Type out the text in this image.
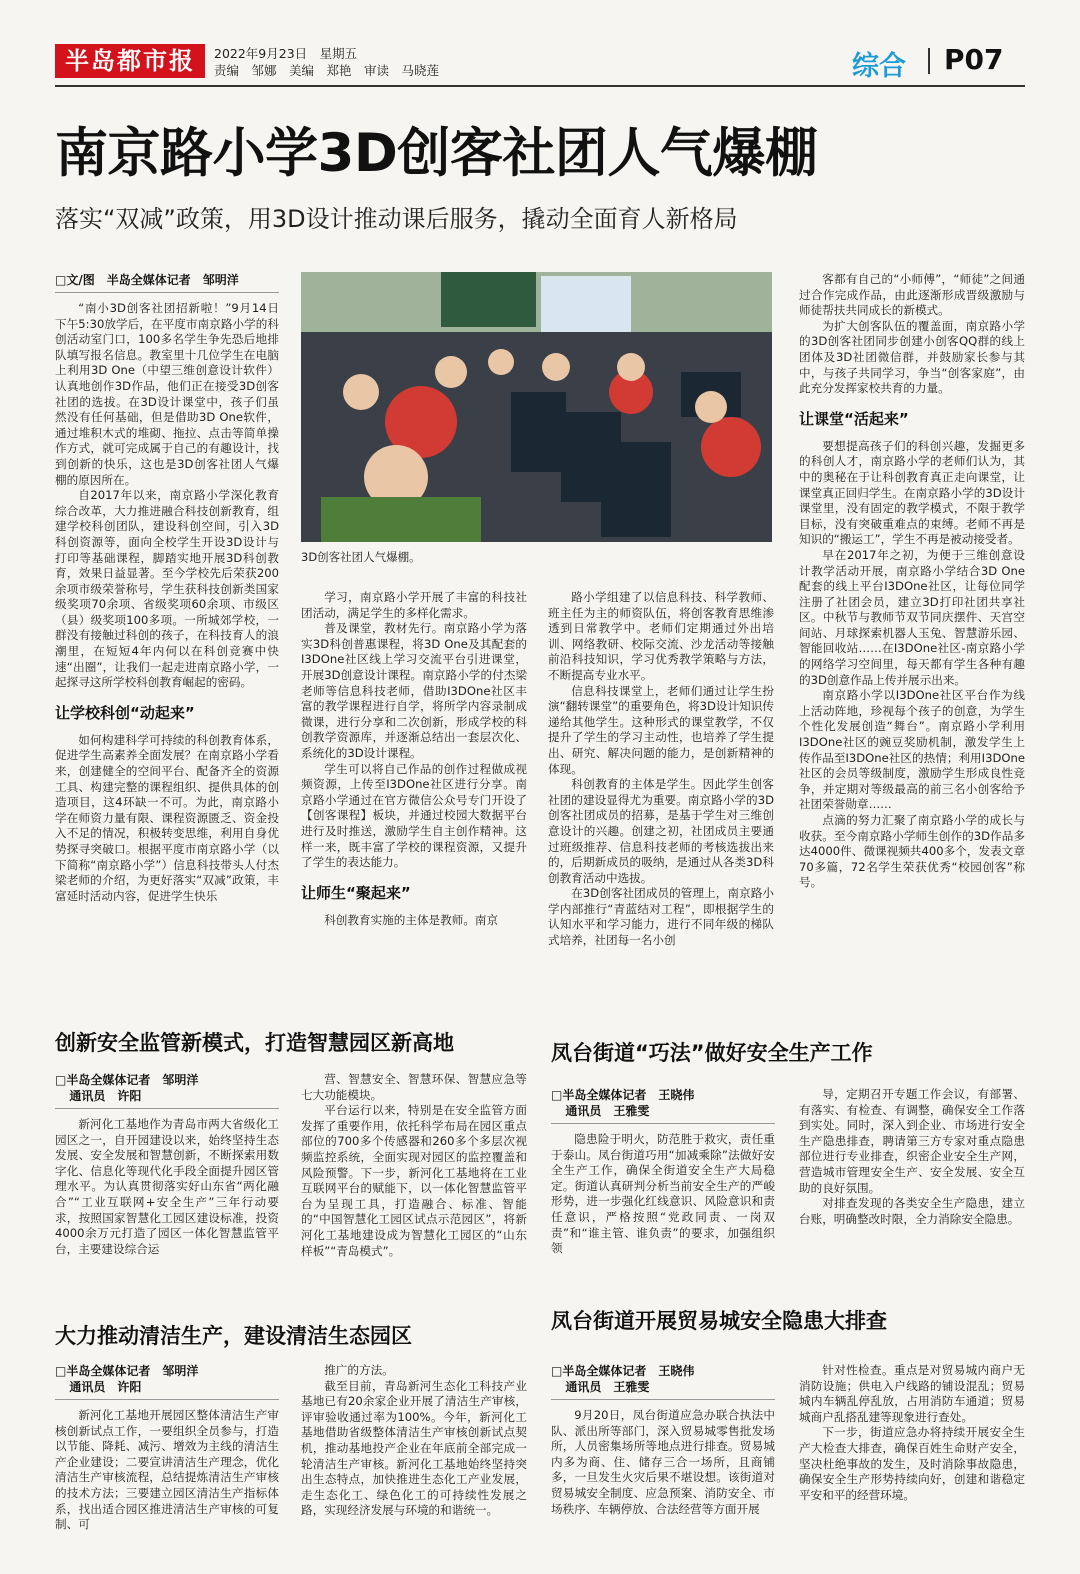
半岛都市报	2022年9月23日　星期五
责编　邹娜　美编　郑艳　审读　马晓莲	综合 P07
南京路小学3D创客社团人气爆棚
落实“双减”政策，用3D设计推动课后服务，撬动全面育人新格局
□文/图　半岛全媒体记者　邹明洋

“南小3D创客社团招新啦！”9月14日下午5:30放学后，在平度市南京路小学的科创活动室门口，100多名学生争先恐后地排队填写报名信息。教室里十几位学生在电脑上利用3D One（中望三维创意设计软件）认真地创作3D作品，他们正在接受3D创客社团的选拔。在3D设计课堂中，孩子们虽然没有任何基础，但是借助3D One软件，通过堆积木式的堆砌、拖拉、点击等简单操作方式，就可完成属于自己的有趣设计，找到创新的快乐，这也是3D创客社团人气爆棚的原因所在。

自2017年以来，南京路小学深化教育综合改革，大力推进融合科技创新教育，组建学校科创团队，建设科创空间，引入3D科创资源等，面向全校学生开设3D设计与打印等基础课程，脚踏实地开展3D科创教育，效果日益显著。至今学校先后荣获200余项市级荣誉称号，学生获科技创新类国家级奖项70余项、省级奖项60余项、市级区（县）级奖项100多项。一所城郊学校，一群没有接触过科创的孩子，在科技育人的浪潮里，在短短4年内何以在科创竞赛中快速“出圈”，让我们一起走进南京路小学，一起探寻这所学校科创教育崛起的密码。

让学校科创“动起来”

如何构建科学可持续的科创教育体系，促进学生高素养全面发展？在南京路小学看来，创建健全的空间平台、配备齐全的资源工具、构建完整的课程组织、提供具体的创造项目，这4环缺一不可。为此，南京路小学在师资力量有限、课程资源匮乏、资金投入不足的情况，积极转变思维，利用自身优势探寻突破口。根据平度市南京路小学（以下简称“南京路小学”）信息科技带头人付杰梁老师的介绍，为更好落实“双减”政策，丰富延时活动内容，促进学生快乐

3D创客社团人气爆棚。

学习，南京路小学开展了丰富的科技社团活动，满足学生的多样化需求。

普及课堂，教材先行。南京路小学为落实3D科创普惠课程，将3D One及其配套的I3DOne社区线上学习交流平台引进课堂，开展3D创意设计课程。南京路小学的付杰梁老师等信息科技老师，借助I3DOne社区丰富的教学课程进行自学，将所学内容录制成微课，进行分享和二次创新，形成学校的科创教学资源库，并逐渐总结出一套层次化、系统化的3D设计课程。

学生可以将自己作品的创作过程做成视频资源，上传至I3DOne社区进行分享。南京路小学通过在官方微信公众号专门开设了【创客课程】板块，并通过校园大数据平台进行及时推送，激励学生自主创作精神。这样一来，既丰富了学校的课程资源，又提升了学生的表达能力。

让师生“聚起来”

科创教育实施的主体是教师。南京

路小学组建了以信息科技、科学教师、班主任为主的师资队伍，将创客教育思维渗透到日常教学中。老师们定期通过外出培训、网络教研、校际交流、沙龙活动等接触前沿科技知识，学习优秀教学策略与方法，不断提高专业水平。

信息科技课堂上，老师们通过让学生扮演“翻转课堂”的重要角色，将3D设计知识传递给其他学生。这种形式的课堂教学，不仅提升了学生的学习主动性，也培养了学生提出、研究、解决问题的能力，是创新精神的体现。

科创教育的主体是学生。因此学生创客社团的建设显得尤为重要。南京路小学的3D创客社团成员的招募，是基于学生对三维创意设计的兴趣。创建之初，社团成员主要通过班级推荐、信息科技老师的考核选拔出来的，后期新成员的吸纳，是通过从各类3D科创教育活动中选拔。

在3D创客社团成员的管理上，南京路小学内部推行“青蓝结对工程”，即根据学生的认知水平和学习能力，进行不同年级的梯队式培养，社团每一名小创

客都有自己的“小师傅”，“师徒”之间通过合作完成作品，由此逐渐形成晋级激励与师徒帮扶共同成长的新模式。

为扩大创客队伍的覆盖面，南京路小学的3D创客社团同步创建小创客QQ群的线上团体及3D社团微信群，并鼓励家长参与其中，与孩子共同学习，争当“创客家庭”，由此充分发挥家校共育的力量。

让课堂“活起来”

要想提高孩子们的科创兴趣，发掘更多的科创人才，南京路小学的老师们认为，其中的奥秘在于让科创教育真正走向课堂，让课堂真正回归学生。在南京路小学的3D设计课堂里，没有固定的教学模式，不限于教学目标，没有突破重难点的束缚。老师不再是知识的“搬运工”，学生不再是被动接受者。

早在2017年之初，为便于三维创意设计教学活动开展，南京路小学结合3D One配套的线上平台I3DOne社区，让每位同学注册了社团会员，建立3D打印社团共享社区。中秋节与教师节双节同庆摆件、天宫空间站、月球探索机器人玉兔、智慧游乐园、智能回收站……在I3DOne社区-南京路小学的网络学习空间里，每天都有学生各种有趣的3D创意作品上传并展示出来。

南京路小学以I3DOne社区平台作为线上活动阵地，珍视每个孩子的创意，为学生个性化发展创造“舞台”。南京路小学利用I3DOne社区的豌豆奖励机制，激发学生上传作品至I3DOne社区的热情；利用I3DOne社区的会员等级制度，激励学生形成良性竞争，并定期对等级最高的前三名小创客给予社团荣誉勋章……

点滴的努力汇聚了南京路小学的成长与收获。至今南京路小学师生创作的3D作品多达4000件、微课视频共400多个，发表文章70多篇，72名学生荣获优秀“校园创客”称号。

创新安全监管新模式，打造智慧园区新高地
□半岛全媒体记者　邹明洋
通讯员　许阳

新河化工基地作为青岛市两大省级化工园区之一，自开园建设以来，始终坚持生态发展、安全发展和智慧创新，不断探索用数字化、信息化等现代化手段全面提升园区管理水平。为认真贯彻落实好山东省“两化融合”“工业互联网+安全生产”三年行动要求，按照国家智慧化工园区建设标准，投资4000余万元打造了园区一体化智慧监管平台，主要建设综合运

营、智慧安全、智慧环保、智慧应急等七大功能模块。

平台运行以来，特别是在安全监管方面发挥了重要作用，依托科学布局在园区重点部位的700多个传感器和260多个多层次视频监控系统，全面实现对园区的监控覆盖和风险预警。下一步，新河化工基地将在工业互联网平台的赋能下，以一体化智慧监管平台为呈现工具，打造融合、标准、智能的“中国智慧化工园区试点示范园区”，将新河化工基地建设成为智慧化工园区的“山东样板”“青岛模式”。

凤台街道“巧法”做好安全生产工作
□半岛全媒体记者　王晓伟
通讯员　王雅雯

隐患险于明火，防范胜于救灾，责任重于泰山。凤台街道巧用“加减乘除”法做好安全生产工作，确保全街道安全生产大局稳定。街道认真研判分析当前安全生产的严峻形势，进一步强化红线意识、风险意识和责任意识，严格按照“党政同责、一岗双责”和“谁主管、谁负责”的要求，加强组织领

导，定期召开专题工作会议，有部署、有落实、有检查、有调整，确保安全工作落到实处。同时，深入到企业、市场进行安全生产隐患排查，聘请第三方专家对重点隐患部位进行专业排查，织密企业安全生产网，营造城市管理安全生产、安全发展、安全互助的良好氛围。

对排查发现的各类安全生产隐患，建立台账，明确整改时限，全力消除安全隐患。

大力推动清洁生产，建设清洁生态园区
□半岛全媒体记者　邹明洋
通讯员　许阳

新河化工基地开展园区整体清洁生产审核创新试点工作，一要组织全员参与，打造以节能、降耗、减污、增效为主线的清洁生产企业建设；二要宣讲清洁生产理念，优化清洁生产审核流程，总结提炼清洁生产审核的技术方法；三要建立园区清洁生产指标体系，找出适合园区推进清洁生产审核的可复制、可

推广的方法。

截至目前，青岛新河生态化工科技产业基地已有20余家企业开展了清洁生产审核，评审验收通过率为100%。今年，新河化工基地借助省级整体清洁生产审核创新试点契机，推动基地投产企业在年底前全部完成一轮清洁生产审核。新河化工基地始终坚持突出生态特点，加快推进生态化工产业发展，走生态化工、绿色化工的可持续性发展之路，实现经济发展与环境的和谐统一。

凤台街道开展贸易城安全隐患大排查
□半岛全媒体记者　王晓伟
通讯员　王雅雯

9月20日，凤台街道应急办联合执法中队、派出所等部门，深入贸易城零售批发场所，人员密集场所等地点进行排查。贸易城内多为商、住、储存三合一场所，且商铺多，一旦发生火灾后果不堪设想。该街道对贸易城安全制度、应急预案、消防安全、市场秩序、车辆停放、合法经营等方面开展

针对性检查。重点是对贸易城内商户无消防设施；供电入户线路的铺设混乱；贸易城内车辆乱停乱放，占用消防车通道；贸易城商户乱搭乱建等现象进行查处。

下一步，街道应急办将持续开展安全生产大检查大排查，确保百姓生命财产安全，坚决杜绝事故的发生，及时消除事故隐患，确保安全生产形势持续向好，创建和谐稳定平安和平的经营环境。
